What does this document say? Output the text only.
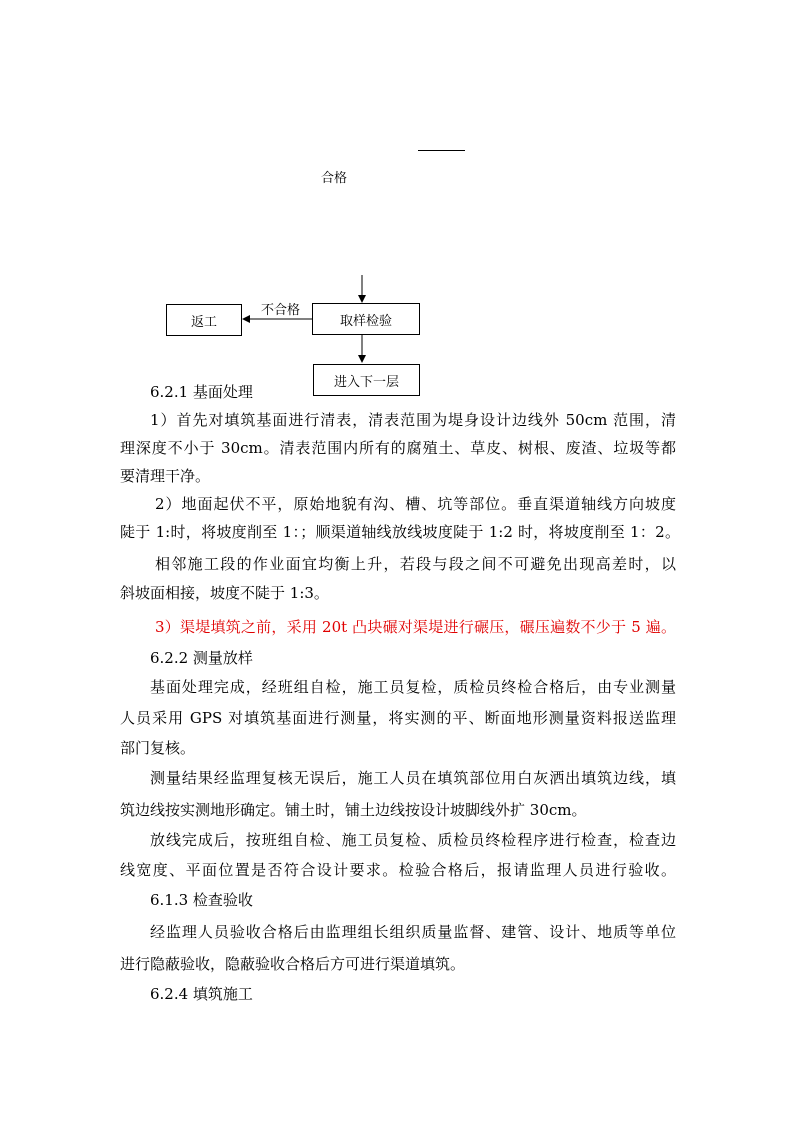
合格
不合格
返工	取样检验
进入下一层
6.2.1 基面处理
1）首先对填筑基面进行清表，清表范围为堤身设计边线外 50cm 范围，清
理深度不小于 30cm。清表范围内所有的腐殖土、草皮、树根、废渣、垃圾等都
要清理干净。
2）地面起伏不平，原始地貌有沟、槽、坑等部位。垂直渠道轴线方向坡度
陡于 1:时，将坡度削至 1：；顺渠道轴线放线坡度陡于 1:2 时，将坡度削至 1：2。
相邻施工段的作业面宜均衡上升，若段与段之间不可避免出现高差时，以
斜坡面相接，坡度不陡于 1:3。
3）渠堤填筑之前，采用 20t 凸块碾对渠堤进行碾压，碾压遍数不少于 5 遍。
6.2.2 测量放样
基面处理完成，经班组自检，施工员复检，质检员终检合格后，由专业测量
人员采用 GPS 对填筑基面进行测量，将实测的平、断面地形测量资料报送监理
部门复核。
测量结果经监理复核无误后，施工人员在填筑部位用白灰洒出填筑边线，填
筑边线按实测地形确定。铺土时，铺土边线按设计坡脚线外扩 30cm。
放线完成后，按班组自检、施工员复检、质检员终检程序进行检查，检查边
线宽度、平面位置是否符合设计要求。检验合格后，报请监理人员进行验收。
6.1.3 检查验收
经监理人员验收合格后由监理组长组织质量监督、建管、设计、地质等单位
进行隐蔽验收，隐蔽验收合格后方可进行渠道填筑。
6.2.4 填筑施工
